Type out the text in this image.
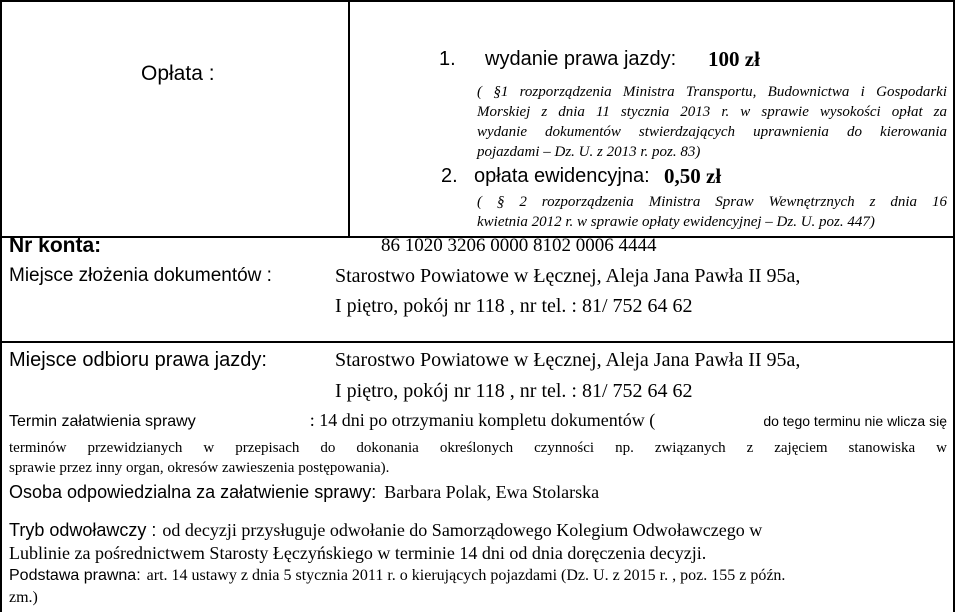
Opłata :
1. wydanie prawa jazdy: 100 zł
( §1 rozporządzenia Ministra Transportu, Budownictwa i Gospodarki
Morskiej z dnia 11 stycznia 2013 r. w sprawie wysokości opłat za
wydanie dokumentów stwierdzających uprawnienia do kierowania
pojazdami – Dz. U. z 2013 r. poz. 83)
2. opłata ewidencyjna: 0,50 zł
( § 2 rozporządzenia Ministra Spraw Wewnętrznych z dnia 16
kwietnia 2012 r. w sprawie opłaty ewidencyjnej – Dz. U. poz. 447)
Nr konta:	86 1020 3206 0000 8102 0006 4444
Miejsce złożenia dokumentów :	Starostwo Powiatowe w Łęcznej, Aleja Jana Pawła II 95a,
I piętro, pokój nr 118 , nr tel. : 81/ 752 64 62
Miejsce odbioru prawa jazdy:	Starostwo Powiatowe w Łęcznej, Aleja Jana Pawła II 95a,
I piętro, pokój nr 118 , nr tel. : 81/ 752 64 62
Termin załatwienia sprawy	: 14 dni po otrzymaniu kompletu dokumentów (	do tego terminu nie wlicza się
terminów przewidzianych w przepisach do dokonania określonych czynności np. związanych z zajęciem stanowiska w
sprawie przez inny organ, okresów zawieszenia postępowania).
Osoba odpowiedzialna za załatwienie sprawy: Barbara Polak, Ewa Stolarska
Tryb odwoławczy : od decyzji przysługuje odwołanie do Samorządowego Kolegium Odwoławczego w
Lublinie za pośrednictwem Starosty Łęczyńskiego w terminie 14 dni od dnia doręczenia decyzji.
Podstawa prawna: art. 14 ustawy z dnia 5 stycznia 2011 r. o kierujących pojazdami (Dz. U. z 2015 r. , poz. 155 z późn.
zm.)
